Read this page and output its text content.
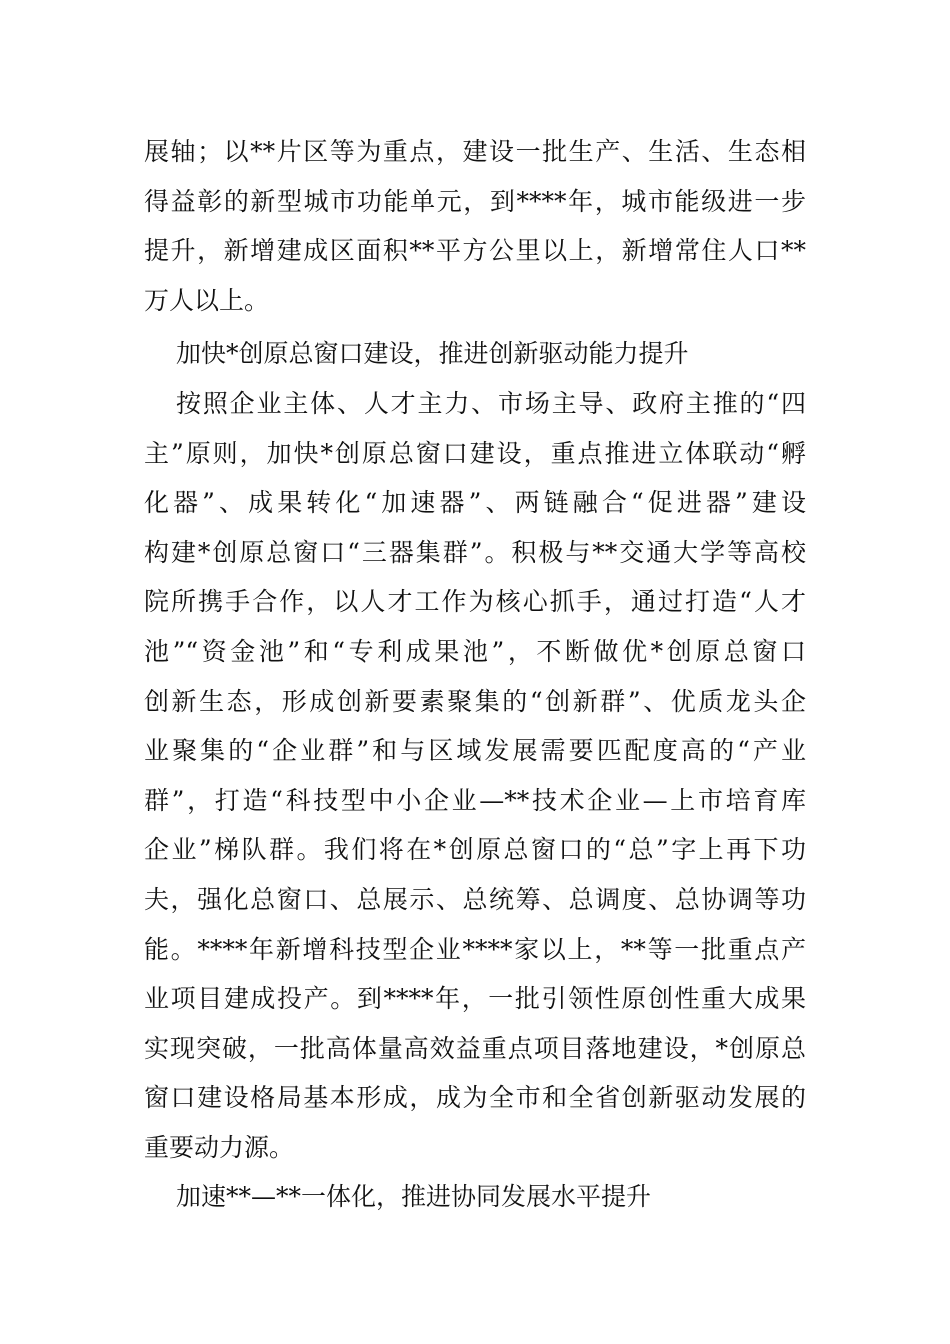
展轴；以**片区等为重点，建设一批生产、生活、生态相
得益彰的新型城市功能单元，到****年，城市能级进一步
提升，新增建成区面积**平方公里以上，新增常住人口**
万人以上。
加快*创原总窗口建设，推进创新驱动能力提升
按照企业主体、人才主力、市场主导、政府主推的“四
主”原则，加快*创原总窗口建设，重点推进立体联动“孵
化器”、成果转化“加速器”、两链融合“促进器”建设
构建*创原总窗口“三器集群”。积极与**交通大学等高校
院所携手合作，以人才工作为核心抓手，通过打造“人才
池”“资金池”和“专利成果池”，不断做优*创原总窗口
创新生态，形成创新要素聚集的“创新群”、优质龙头企
业聚集的“企业群”和与区域发展需要匹配度高的“产业
群”，打造“科技型中小企业—**技术企业—上市培育库
企业”梯队群。我们将在*创原总窗口的“总”字上再下功
夫，强化总窗口、总展示、总统筹、总调度、总协调等功
能。****年新增科技型企业****家以上，**等一批重点产
业项目建成投产。到****年，一批引领性原创性重大成果
实现突破，一批高体量高效益重点项目落地建设，*创原总
窗口建设格局基本形成，成为全市和全省创新驱动发展的
重要动力源。
加速**—**一体化，推进协同发展水平提升
